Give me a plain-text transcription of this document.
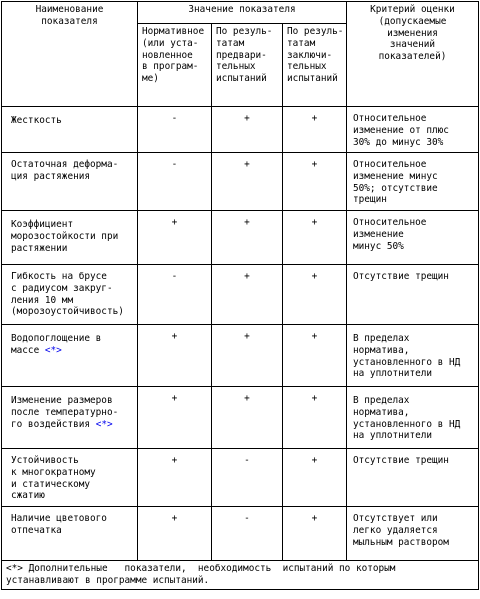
Наименование
показателя	Значение показателя			Критерий оценки
(допускаемые
изменения
значений
показателей)

	Нормативное
(или уста-
новленное
в програм-
ме)	По резуль-
татам
предвари-
тельных
испытаний	По резуль-
татам
заключи-
тельных
испытаний	

Жесткость	-	+	+	Относительное
изменение от плюс
30% до минус 30%

Остаточная деформа-
ция растяжения	-	+	+	Относительное
изменение минус
50%; отсутствие
трещин

Коэффициент
морозостойкости при
растяжении	+	+	+	Относительное
изменение
минус 50%

Гибкость на брусе
с радиусом закруг-
ления 10 мм
(морозоустойчивость)	-	+	+	Отсутствие трещин

Водопоглощение в
массе <*>	+	+	+	В пределах
норматива,
установленного в НД
на уплотнители

Изменение размеров
после температурно-
го воздействия <*>	+	+	+	В пределах
норматива,
установленного в НД
на уплотнители

Устойчивость
к многократному
и статическому
сжатию	+	-	+	Отсутствие трещин

Наличие цветового
отпечатка	+	-	+	Отсутствует или
легко удаляется
мыльным раствором

<*> Дополнительные   показатели,  необходимость  испытаний по которым
устанавливают в программе испытаний.				
